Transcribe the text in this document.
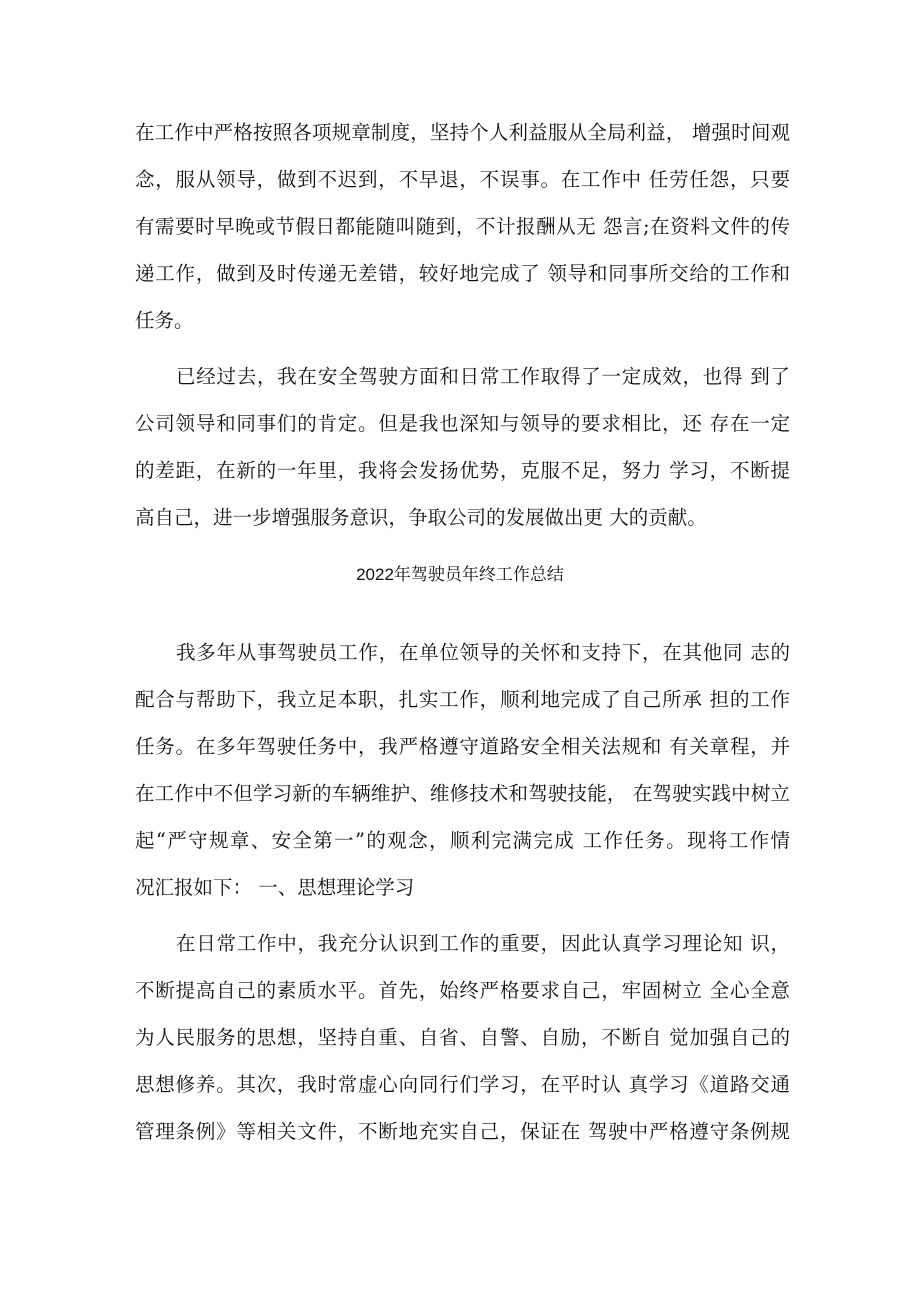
在工作中严格按照各项规章制度，坚持个人利益服从全局利益， 增强时间观
念，服从领导，做到不迟到，不早退，不误事。在工作中 任劳任怨，只要
有需要时早晚或节假日都能随叫随到，不计报酬从无 怨言;在资料文件的传
递工作，做到及时传递无差错，较好地完成了 领导和同事所交给的工作和
任务。
已经过去，我在安全驾驶方面和日常工作取得了一定成效，也得 到了
公司领导和同事们的肯定。但是我也深知与领导的要求相比，还 存在一定
的差距，在新的一年里，我将会发扬优势，克服不足，努力 学习，不断提
高自己，进一步增强服务意识，争取公司的发展做出更 大的贡献。
2022年驾驶员年终工作总结
我多年从事驾驶员工作，在单位领导的关怀和支持下，在其他同 志的
配合与帮助下，我立足本职，扎实工作，顺利地完成了自己所承 担的工作
任务。在多年驾驶任务中，我严格遵守道路安全相关法规和 有关章程，并
在工作中不但学习新的车辆维护、维修技术和驾驶技能， 在驾驶实践中树立
起“严守规章、安全第一”的观念，顺利完满完成 工作任务。现将工作情
况汇报如下： 一、思想理论学习
在日常工作中，我充分认识到工作的重要，因此认真学习理论知 识，
不断提高自己的素质水平。首先，始终严格要求自己，牢固树立 全心全意
为人民服务的思想，坚持自重、自省、自警、自励，不断自 觉加强自己的
思想修养。其次，我时常虚心向同行们学习，在平时认 真学习《道路交通
管理条例》等相关文件，不断地充实自己，保证在 驾驶中严格遵守条例规
